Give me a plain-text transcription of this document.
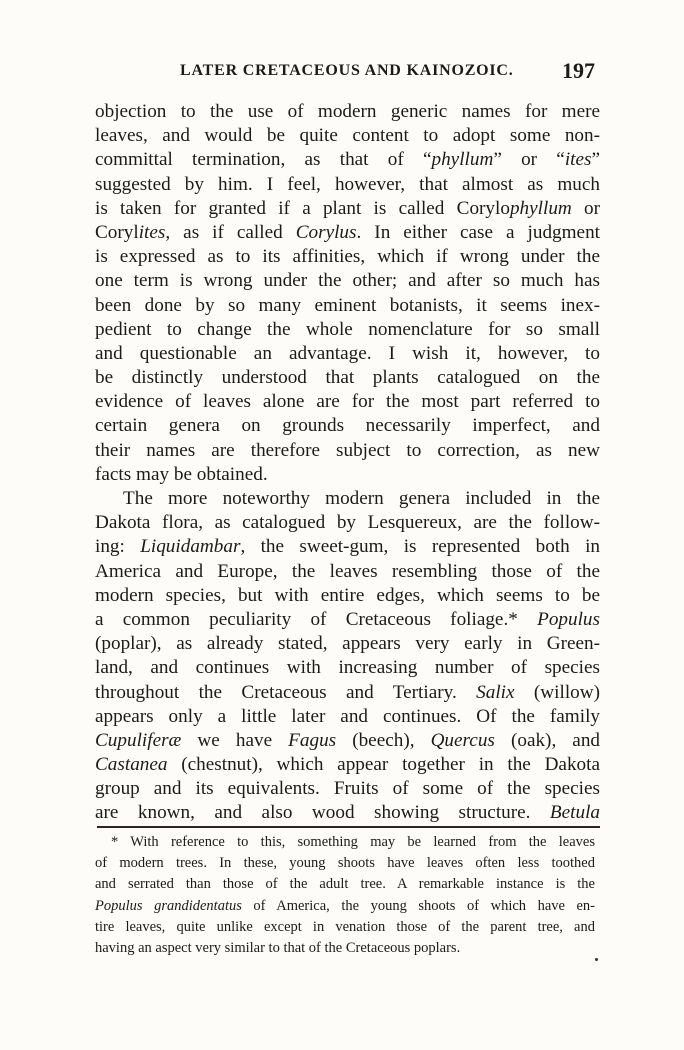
LATER CRETACEOUS AND KAINOZOIC. 197
objection to the use of modern generic names for mere
leaves, and would be quite content to adopt some non-
committal termination, as that of “phyllum” or “ites”
suggested by him. I feel, however, that almost as much
is taken for granted if a plant is called Corylophyllum or
Corylites, as if called Corylus. In either case a judgment
is expressed as to its affinities, which if wrong under the
one term is wrong under the other; and after so much has
been done by so many eminent botanists, it seems inex-
pedient to change the whole nomenclature for so small
and questionable an advantage. I wish it, however, to
be distinctly understood that plants catalogued on the
evidence of leaves alone are for the most part referred to
certain genera on grounds necessarily imperfect, and
their names are therefore subject to correction, as new
facts may be obtained.
The more noteworthy modern genera included in the
Dakota flora, as catalogued by Lesquereux, are the follow-
ing: Liquidambar, the sweet-gum, is represented both in
America and Europe, the leaves resembling those of the
modern species, but with entire edges, which seems to be
a common peculiarity of Cretaceous foliage.* Populus
(poplar), as already stated, appears very early in Green-
land, and continues with increasing number of species
throughout the Cretaceous and Tertiary. Salix (willow)
appears only a little later and continues. Of the family
Cupuliferæ we have Fagus (beech), Quercus (oak), and
Castanea (chestnut), which appear together in the Dakota
group and its equivalents. Fruits of some of the species
are known, and also wood showing structure. Betula
* With reference to this, something may be learned from the leaves
of modern trees. In these, young shoots have leaves often less toothed
and serrated than those of the adult tree. A remarkable instance is the
Populus grandidentatus of America, the young shoots of which have en-
tire leaves, quite unlike except in venation those of the parent tree, and
having an aspect very similar to that of the Cretaceous poplars.
